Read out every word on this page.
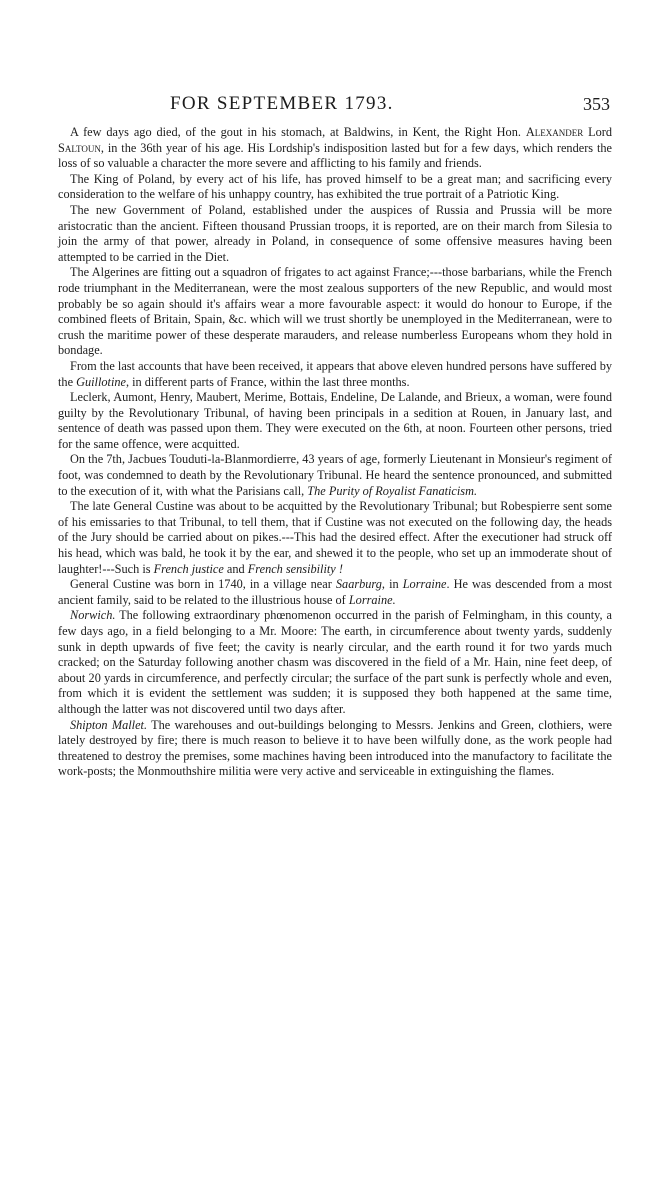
FOR SEPTEMBER 1793.	353

A few days ago died, of the gout in his stomach, at Baldwins, in Kent, the Right Hon. Alexander Lord Saltoun, in the 36th year of his age. His Lordship's indisposition lasted but for a few days, which renders the loss of so valuable a character the more severe and afflicting to his family and friends.

The King of Poland, by every act of his life, has proved himself to be a great man; and sacrificing every consideration to the welfare of his unhappy country, has exhibited the true portrait of a Patriotic King.

The new Government of Poland, established under the auspices of Russia and Prussia will be more aristocratic than the ancient. Fifteen thousand Prussian troops, it is reported, are on their march from Silesia to join the army of that power, already in Poland, in consequence of some offensive measures having been attempted to be carried in the Diet.

The Algerines are fitting out a squadron of frigates to act against France;---those barbarians, while the French rode triumphant in the Mediterranean, were the most zealous supporters of the new Republic, and would most probably be so again should it's affairs wear a more favourable aspect: it would do honour to Europe, if the combined fleets of Britain, Spain, &c. which will we trust shortly be unemployed in the Mediterranean, were to crush the maritime power of these desperate marauders, and release numberless Europeans whom they hold in bondage.

From the last accounts that have been received, it appears that above eleven hundred persons have suffered by the Guillotine, in different parts of France, within the last three months.

Leclerk, Aumont, Henry, Maubert, Merime, Bottais, Endeline, De Lalande, and Brieux, a woman, were found guilty by the Revolutionary Tribunal, of having been principals in a sedition at Rouen, in January last, and sentence of death was passed upon them. They were executed on the 6th, at noon. Fourteen other persons, tried for the same offence, were acquitted.

On the 7th, Jacbues Touduti-la-Blanmordierre, 43 years of age, formerly Lieutenant in Monsieur's regiment of foot, was condemned to death by the Revolutionary Tribunal. He heard the sentence pronounced, and submitted to the execution of it, with what the Parisians call, The Purity of Royalist Fanaticism.

The late General Custine was about to be acquitted by the Revolutionary Tribunal; but Robespierre sent some of his emissaries to that Tribunal, to tell them, that if Custine was not executed on the following day, the heads of the Jury should be carried about on pikes.---This had the desired effect. After the executioner had struck off his head, which was bald, he took it by the ear, and shewed it to the people, who set up an immoderate shout of laughter!---Such is French justice and French sensibility !

General Custine was born in 1740, in a village near Saarburg, in Lorraine. He was descended from a most ancient family, said to be related to the illustrious house of Lorraine.

Norwich. The following extraordinary phœnomenon occurred in the parish of Felmingham, in this county, a few days ago, in a field belonging to a Mr. Moore: The earth, in circumference about twenty yards, suddenly sunk in depth upwards of five feet; the cavity is nearly circular, and the earth round it for two yards much cracked; on the Saturday following another chasm was discovered in the field of a Mr. Hain, nine feet deep, of about 20 yards in circumference, and perfectly circular; the surface of the part sunk is perfectly whole and even, from which it is evident the settlement was sudden; it is supposed they both happened at the same time, although the latter was not discovered until two days after.

Shipton Mallet. The warehouses and out-buildings belonging to Messrs. Jenkins and Green, clothiers, were lately destroyed by fire; there is much reason to believe it to have been wilfully done, as the work people had threatened to destroy the premises, some machines having been introduced into the manufactory to facilitate the work-posts; the Monmouthshire militia were very active and serviceable in extinguishing the flames.
